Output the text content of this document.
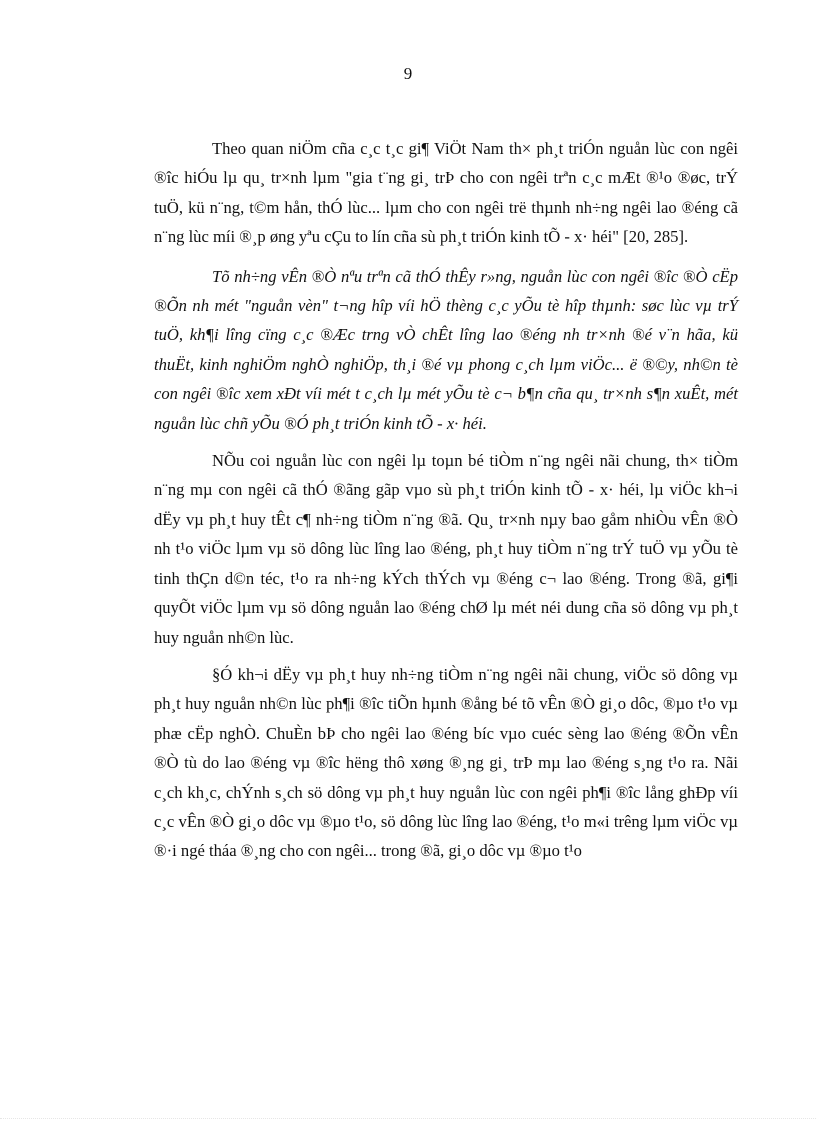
9

Theo quan niÖm cña c¸c t¸c gi¶ ViÖt Nam th× ph¸t triÓn nguån lùc con ngêi ®îc hiÓu lµ qu¸ tr×nh lµm "gia t¨ng gi¸ trÞ cho con ngêi trªn c¸c mÆt ®¹o ®øc, trÝ tuÖ, kü n¨ng, t©m hån, thÓ lùc... lµm cho con ngêi trë thµnh nh÷ng ngêi lao ®éng cã n¨ng lùc míi ®¸p øng yªu cÇu to lín cña sù ph¸t triÓn kinh tÕ - x· héi" [20, 285].

Tõ nh÷ng vÊn ®Ò nªu trªn cã thÓ thÊy r»ng, nguån lùc con ngêi ®îc ®Ò cËp ®Õn nh mét "nguån vèn" t¬ng hîp víi hÖ thèng c¸c yÕu tè hîp thµnh: søc lùc vµ trÝ tuÖ, kh¶i lîng cïng c¸c ®Æc trng vÒ chÊt lîng lao ®éng nh tr×nh ®é v¨n hãa, kü thuËt, kinh nghiÖm nghÒ nghiÖp, th¸i ®é vµ phong c¸ch lµm viÖc... ë ®©y, nh©n tè con ngêi ®îc xem xÐt víi mét t c¸ch lµ mét yÕu tè c¬ b¶n cña qu¸ tr×nh s¶n xuÊt, mét nguån lùc chñ yÕu ®Ó ph¸t triÓn kinh tÕ - x· héi.

NÕu coi nguån lùc con ngêi lµ toµn bé tiÒm n¨ng ngêi nãi chung, th× tiÒm n¨ng mµ con ngêi cã thÓ ®ãng gãp vµo sù ph¸t triÓn kinh tÕ - x· héi, lµ viÖc kh¬i dËy vµ ph¸t huy tÊt c¶ nh÷ng tiÒm n¨ng ®ã. Qu¸ tr×nh nµy bao gåm nhiÒu vÊn ®Ò nh t¹o viÖc lµm vµ sö dông lùc lîng lao ®éng, ph¸t huy tiÒm n¨ng trÝ tuÖ vµ yÕu tè tinh thÇn d©n téc, t¹o ra nh÷ng kÝch thÝch vµ ®éng c¬ lao ®éng. Trong ®ã, gi¶i quyÕt viÖc lµm vµ sö dông nguån lao ®éng chØ lµ mét néi dung cña sö dông vµ ph¸t huy nguån nh©n lùc.

§Ó kh¬i dËy vµ ph¸t huy nh÷ng tiÒm n¨ng ngêi nãi chung, viÖc sö dông vµ ph¸t huy nguån nh©n lùc ph¶i ®îc tiÕn hµnh ®ång bé tõ vÊn ®Ò gi¸o dôc, ®µo t¹o vµ phæ cËp nghÒ. ChuÈn bÞ cho ngêi lao ®éng bíc vµo cuéc sèng lao ®éng ®Õn vÊn ®Ò tù do lao ®éng vµ ®îc hëng thô xøng ®¸ng gi¸ trÞ mµ lao ®éng s¸ng t¹o ra. Nãi c¸ch kh¸c, chÝnh s¸ch sö dông vµ ph¸t huy nguån lùc con ngêi ph¶i ®îc lång ghÐp víi c¸c vÊn ®Ò gi¸o dôc vµ ®µo t¹o, sö dông lùc lîng lao ®éng, t¹o m«i trêng lµm viÖc vµ ®·i ngé tháa ®¸ng cho con ngêi... trong ®ã, gi¸o dôc vµ ®µo t¹o
